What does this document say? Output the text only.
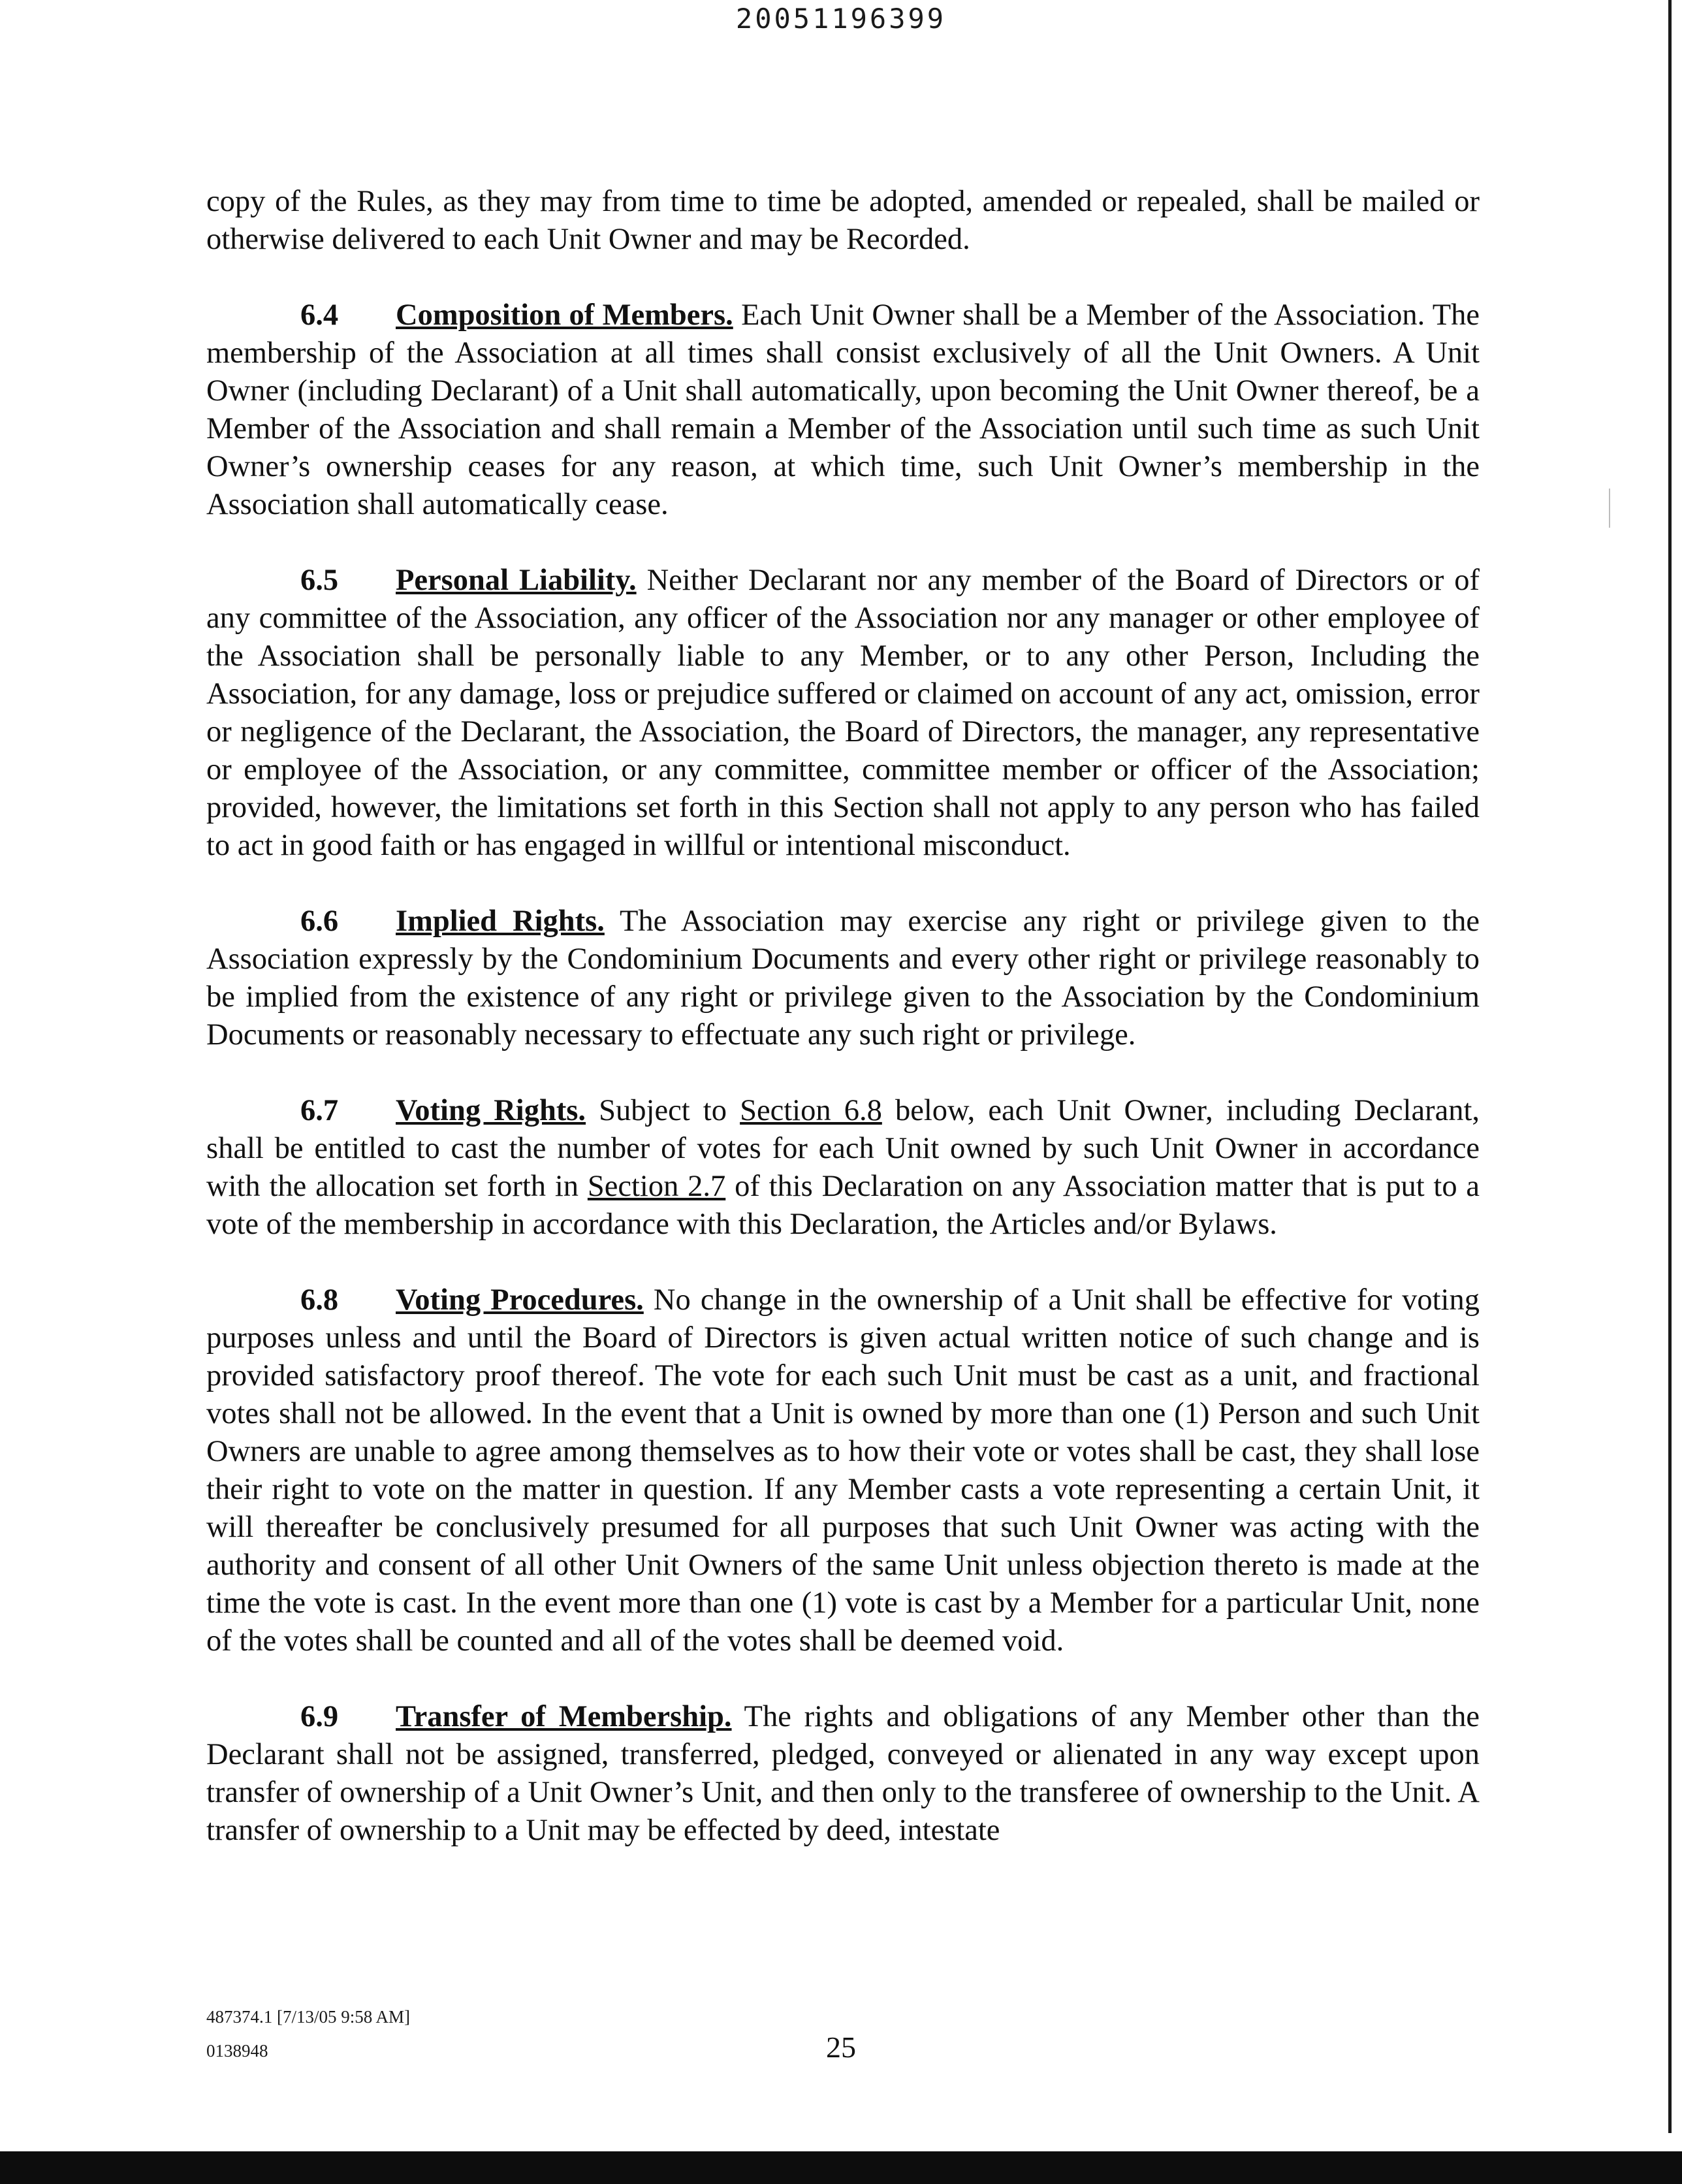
20051196399

copy of the Rules, as they may from time to time be adopted, amended or repealed, shall be mailed or otherwise delivered to each Unit Owner and may be Recorded.

6.4 Composition of Members. Each Unit Owner shall be a Member of the Association. The membership of the Association at all times shall consist exclusively of all the Unit Owners. A Unit Owner (including Declarant) of a Unit shall automatically, upon becoming the Unit Owner thereof, be a Member of the Association and shall remain a Member of the Association until such time as such Unit Owner’s ownership ceases for any reason, at which time, such Unit Owner’s membership in the Association shall automatically cease.

6.5 Personal Liability. Neither Declarant nor any member of the Board of Directors or of any committee of the Association, any officer of the Association nor any manager or other employee of the Association shall be personally liable to any Member, or to any other Person, Including the Association, for any damage, loss or prejudice suffered or claimed on account of any act, omission, error or negligence of the Declarant, the Association, the Board of Directors, the manager, any representative or employee of the Association, or any committee, committee member or officer of the Association; provided, however, the limitations set forth in this Section shall not apply to any person who has failed to act in good faith or has engaged in willful or intentional misconduct.

6.6 Implied Rights. The Association may exercise any right or privilege given to the Association expressly by the Condominium Documents and every other right or privilege reasonably to be implied from the existence of any right or privilege given to the Association by the Condominium Documents or reasonably necessary to effectuate any such right or privilege.

6.7 Voting Rights. Subject to Section 6.8 below, each Unit Owner, including Declarant, shall be entitled to cast the number of votes for each Unit owned by such Unit Owner in accordance with the allocation set forth in Section 2.7 of this Declaration on any Association matter that is put to a vote of the membership in accordance with this Declaration, the Articles and/or Bylaws.

6.8 Voting Procedures. No change in the ownership of a Unit shall be effective for voting purposes unless and until the Board of Directors is given actual written notice of such change and is provided satisfactory proof thereof. The vote for each such Unit must be cast as a unit, and fractional votes shall not be allowed. In the event that a Unit is owned by more than one (1) Person and such Unit Owners are unable to agree among themselves as to how their vote or votes shall be cast, they shall lose their right to vote on the matter in question. If any Member casts a vote representing a certain Unit, it will thereafter be conclusively presumed for all purposes that such Unit Owner was acting with the authority and consent of all other Unit Owners of the same Unit unless objection thereto is made at the time the vote is cast. In the event more than one (1) vote is cast by a Member for a particular Unit, none of the votes shall be counted and all of the votes shall be deemed void.

6.9 Transfer of Membership. The rights and obligations of any Member other than the Declarant shall not be assigned, transferred, pledged, conveyed or alienated in any way except upon transfer of ownership of a Unit Owner’s Unit, and then only to the transferee of ownership to the Unit. A transfer of ownership to a Unit may be effected by deed, intestate

487374.1 [7/13/05 9:58 AM]
0138948	25
